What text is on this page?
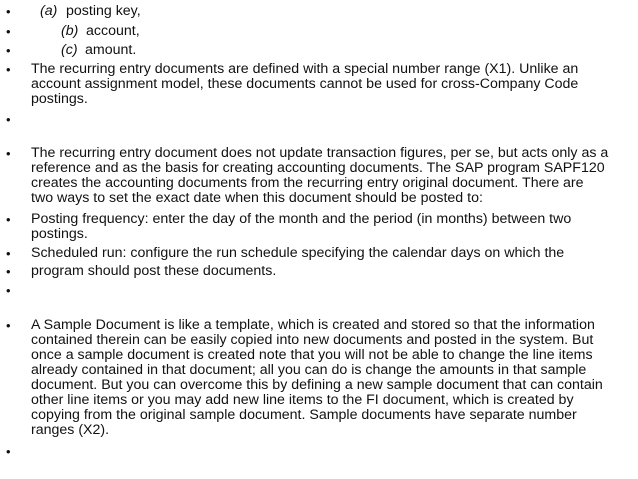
•
•
•
•
•
•
•
•
•
•
•
•
(a) posting key,
(b) account,
(c) amount.
The recurring entry documents are defined with a special number range (X1). Unlike an
account assignment model, these documents cannot be used for cross-Company Code
postings.
The recurring entry document does not update transaction figures, per se, but acts only as a
reference and as the basis for creating accounting documents. The SAP program SAPF120
creates the accounting documents from the recurring entry original document. There are
two ways to set the exact date when this document should be posted to:
Posting frequency: enter the day of the month and the period (in months) between two
postings.
Scheduled run: configure the run schedule specifying the calendar days on which the
program should post these documents.
A Sample Document is like a template, which is created and stored so that the information
contained therein can be easily copied into new documents and posted in the system. But
once a sample document is created note that you will not be able to change the line items
already contained in that document; all you can do is change the amounts in that sample
document. But you can overcome this by defining a new sample document that can contain
other line items or you may add new line items to the FI document, which is created by
copying from the original sample document. Sample documents have separate number
ranges (X2).
